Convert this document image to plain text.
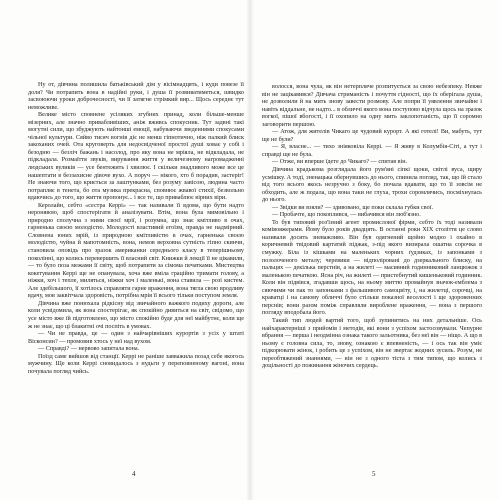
Ну от, дівчина полишила батьківський дім у вісімнадцять, і куди повезе її доля? Чи потрапить вона в надійні руки, і душа її розвиватиметься, швидко засвоюючи уроки доброчесності, чи її затягне стрімкий вир... Щось середнє тут неможливе.

Велике місто сповнене усіляких згубних принад, коли більше-менше мізерних, але значно привабливіших, аніж вживсь спокусник. Тут задвні такі могутні сили, що збуджують найтонші емоції, набуваючи зведеннями спокусами чільної культури. Сяйво тисяч вогнів діє не менш гіпнотично, ніж палкий блиск закоханих очей. Ота круговерть для недосвідченої простої душі ховає у собі і безодню — безліч бажань і насолод, про яку вона не мріяла, не відкладала, не підкладала. Розмаїття звуків, вирування життя у величезному нагромадженні людських вуликів — усе бентежить і хвилює. І скільки знадливого може все це нашептати в беззахисне дівоче вухо. А поруч — нікого, хто б порадив, застеріг! Не знаючи того, що криється за лаштунками, без розуму завісою, людина часто потрапляє в тенета, бо ота музика прекрасна, сповнює жвавої стихії, безвольно вдаючись до того, що життя пропонує... і все те, що приваблює вірних віри.

Керолайн, себто «сестра Керрі» — так називали її вдома, що бути надто неронявою, щоб спостерігати й аналізувати. Втім, вона була мимовільно і природно сполучна з ними своєї мрії, і розумна, що знає кмітливо в очах, гарненька своєю молодістю. Молодості властивий егоїзм, правда не надмірний. Словнена юних мрій, із природною кмітливістю в очах, гарненька своєю молодістю, чуйна й мапотомність, вона, немов верховна сутність гіпно скинчи, становила оповідь про зразок американки середнього класу в теперішньому поколінні, що колись перевершить її власний світ. Книжки й лекції її не цікавили, — то було поза межами її світу, щоб потрапити за сімома печатками. Мистецтва кокетування Керрі ще не опанувала, хоча вже вміла граційно тримати голову, а ніжки, хоч і тепле, миляться, ніжки хоч і маленькі, вона ставила — розі кистем. Але здебільшого, її хотілось справляти гарне враження, вона тягла свою вродливу вдачу, мов заквітчала здоровість, потрібна мрія її всього тільки поступом земля.

Дівчина вже понюхала рідкісну від звичайного важкого подиху дороги, але коли усвідомила, як вона спостерігає, як спокійно дивиться на світ, свідомо, що усе місто вже їй підготовлено, що місто спокійно буде для неї майбутнє, коли ще ж не знає, що ці блакитні очі поспіть в умовах.

— Чи не правда, це — один з найчарівніших курортів з усіх у штаті Вісконсин? — промовив хтось у неї над вухом.

— Справді? — нервово запитала вона.

Поїзд саме вийшов від станції. Керрі не раніше завважила позад себе якогось мужчину. Ще коли Керрі сновидалось з нудьги у переповненому вагоні, вона почувала погляд чийсь.

4

волосся, вона чула, як він нетерпляче розпитується за свою небезпеку. Невже він не зацікавився? Дівчача стриманість і почуття гідності, що їх оберігала душа, не дозволили й на мить знову завести розмову. Але попри її уявлення звичайне і навіть віддальне, не надто... в обличчі якого вона поступово відчула щось на зразок вогкої, пішої вбогості, і її охопило на одну мить заклопотаність, що її соромно заговорити першою.

— Атож, для жителів Чикаго це чудовий курорт. А які готелі! Ви, мабуть, тут ще не були?

— Я, власне... — тихо зніяковіла Керрі. — Я живу в Колумбія-Сіті, а тут і справді ще не була.

— Отже, ви вперше їдете до Чикаго? — спитав він.

Дівчина крадькома розглядала його рум'яні сіпкі щоки, світлі вуса, щиру усмішку. А тоді, зненацька обернувшись до нього, спинила погляд, так, що їй стало від того всього якось незручно з боку, бо почала вдавати, що то її зовсім не обходить, але ж подала, що вона таки не глуха, трохи соромлячись, посміхнулась до нього.

— Звідки ви взяли? — здивовано, ще поки склала губки свої.

— Пробачте, що покоплився, — вибачився він люб'язно.

То був типовий роз'їзний агент промислової фірми, себто їх тоді називали комівояжерами. Йому було років двадцять. В останні роки XIX століття це слово називали досить зневажливо. Він був одягнений щойно модно і охайно в коричневий твідовий картатий піджак, з-під якого визирала ошатна сорочка в смужку. Біла із кішками на маленьких чорних ґудзиках, із запонками з позолоченого металу; черевики — відполіровані до дзеркального блиску, на пальцях — декілька перстнів, а на жилеті — масивний годинниковий ланцюжок з маленькою печаткою. Ясна річ, на жилеті — пристебнутий кишеньковий годинник. Коли він підвівся, згадавши щось, на ньому миттю промайнув значок-емблема з сяючими чи пак то запонками з фальшивого самоцвіту, і, на жилетці, сорочці, на краватці і на самому обличчі було стільки показної веселості і ще здоровенних перснів; вони разом поміж справляли вироблене враження, — вона з першого погляду вподобала його.

Такий тип людей вартий того, щоб зупинитись на них детальніше. Ось найхарактерніші з прийомів і методів, які вони з успіхом застосовували. Чепурне вбрання — перша і неодмінна ознака такого зальотника, без неї він — ніщо. А що в ньому є головна сила, то, знову, ознакою є впевненість, — і ось так він уміє підкорювати жінок, і робить це з успіхом, він не звертає жодних зусиль. Розум, не переобтяжений знаннями, — він не з одного тіста з тим типом, що колись з доцільності до пожинання жіночих сердець.

5
